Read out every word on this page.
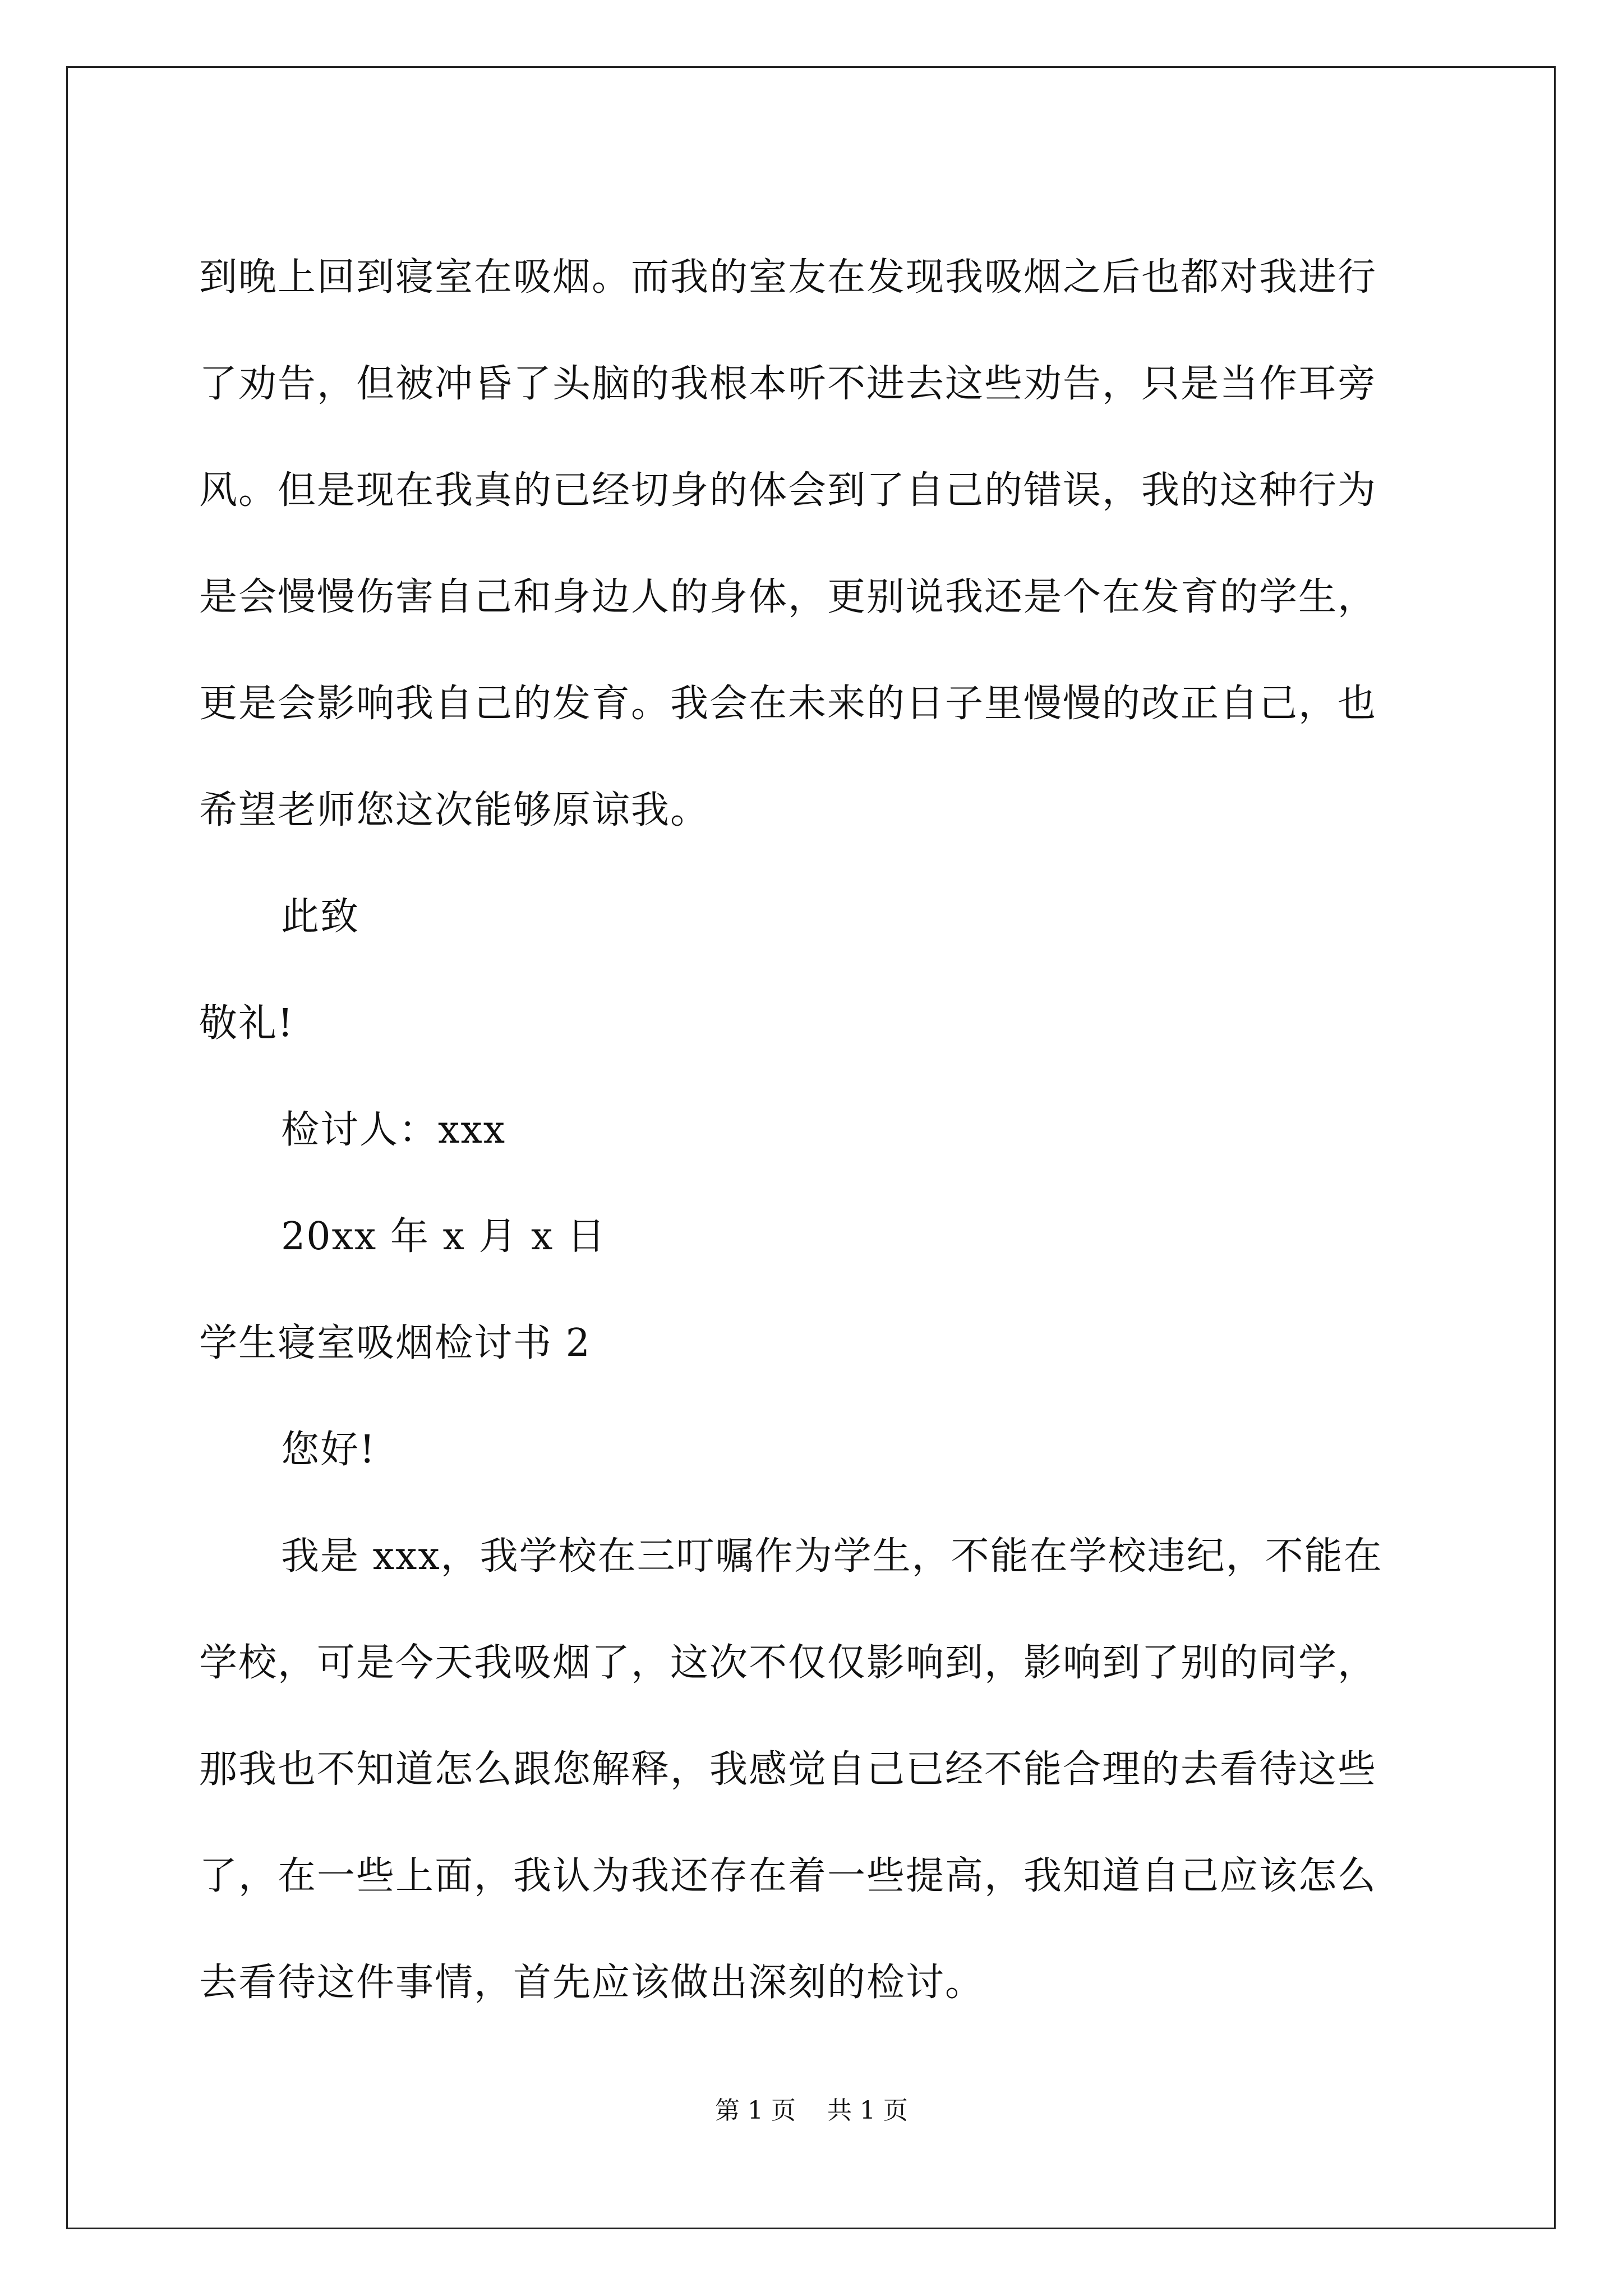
到晚上回到寝室在吸烟。而我的室友在发现我吸烟之后也都对我进行
了劝告，但被冲昏了头脑的我根本听不进去这些劝告，只是当作耳旁
风。但是现在我真的已经切身的体会到了自己的错误，我的这种行为
是会慢慢伤害自己和身边人的身体，更别说我还是个在发育的学生，
更是会影响我自己的发育。我会在未来的日子里慢慢的改正自己，也
希望老师您这次能够原谅我。
此致
敬礼!
检讨人：xxx
20xx 年 x 月 x 日
学生寝室吸烟检讨书 2
您好!
我是 xxx，我学校在三叮嘱作为学生，不能在学校违纪，不能在
学校，可是今天我吸烟了，这次不仅仅影响到，影响到了别的同学，
那我也不知道怎么跟您解释，我感觉自己已经不能合理的去看待这些
了，在一些上面，我认为我还存在着一些提高，我知道自己应该怎么
去看待这件事情，首先应该做出深刻的检讨。
第 1 页    共 1 页
